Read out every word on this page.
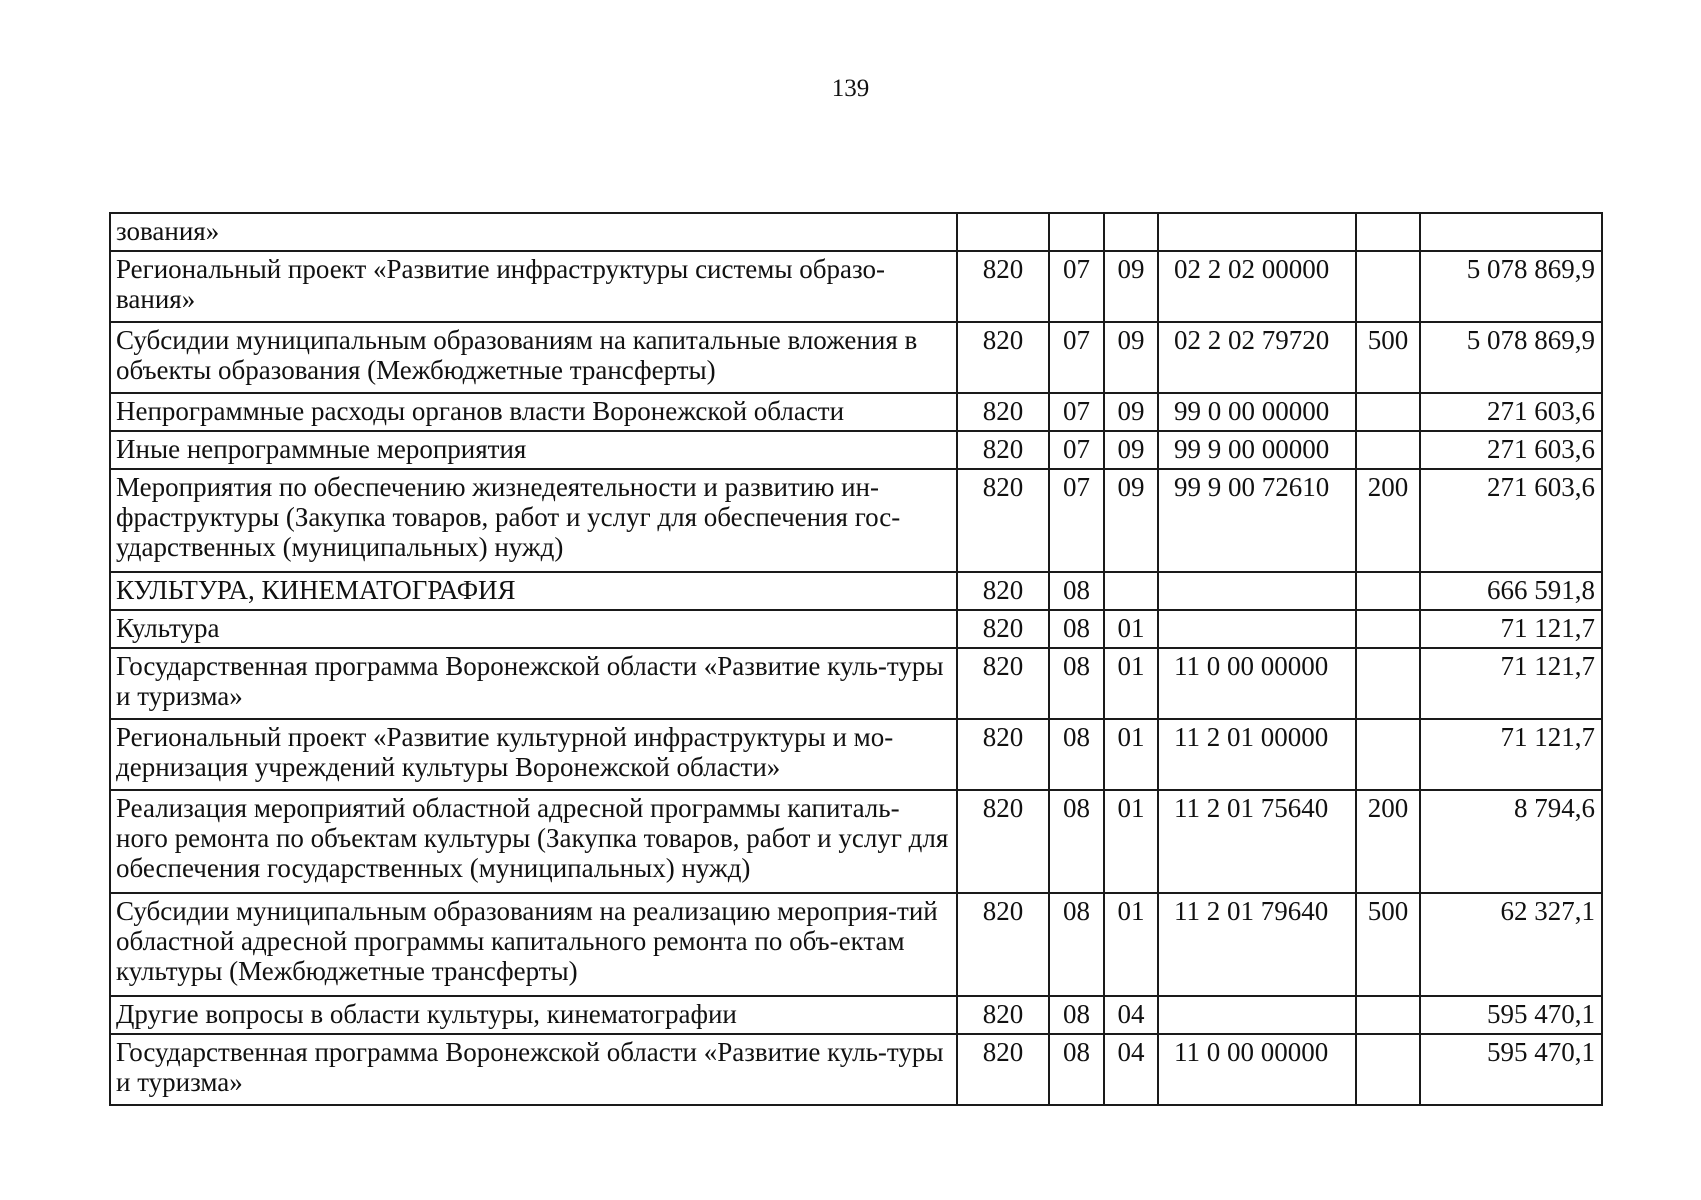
139
зования»						
Региональный проект «Развитие инфраструктуры системы образо-вания»	820	07	09	02 2 02 00000		5 078 869,9
Субсидии муниципальным образованиям на капитальные вложения в объекты образования (Межбюджетные трансферты)	820	07	09	02 2 02 79720	500	5 078 869,9
Непрограммные расходы органов власти Воронежской области	820	07	09	99 0 00 00000		271 603,6
Иные непрограммные мероприятия	820	07	09	99 9 00 00000		271 603,6
Мероприятия по обеспечению жизнедеятельности и развитию ин-фраструктуры (Закупка товаров, работ и услуг для обеспечения гос-ударственных (муниципальных) нужд)	820	07	09	99 9 00 72610	200	271 603,6
КУЛЬТУРА, КИНЕМАТОГРАФИЯ	820	08				666 591,8
Культура	820	08	01			71 121,7
Государственная программа Воронежской области «Развитие куль-туры и туризма»	820	08	01	11 0 00 00000		71 121,7
Региональный проект «Развитие культурной инфраструктуры и мо-дернизация учреждений культуры Воронежской области»	820	08	01	11 2 01 00000		71 121,7
Реализация мероприятий областной адресной программы капиталь-ного ремонта по объектам культуры (Закупка товаров, работ и услуг для обеспечения государственных (муниципальных) нужд)	820	08	01	11 2 01 75640	200	8 794,6
Субсидии муниципальным образованиям на реализацию мероприя-тий областной адресной программы капитального ремонта по объ-ектам культуры (Межбюджетные трансферты)	820	08	01	11 2 01 79640	500	62 327,1
Другие вопросы в области культуры, кинематографии	820	08	04			595 470,1
Государственная программа Воронежской области «Развитие куль-туры и туризма»	820	08	04	11 0 00 00000		595 470,1
